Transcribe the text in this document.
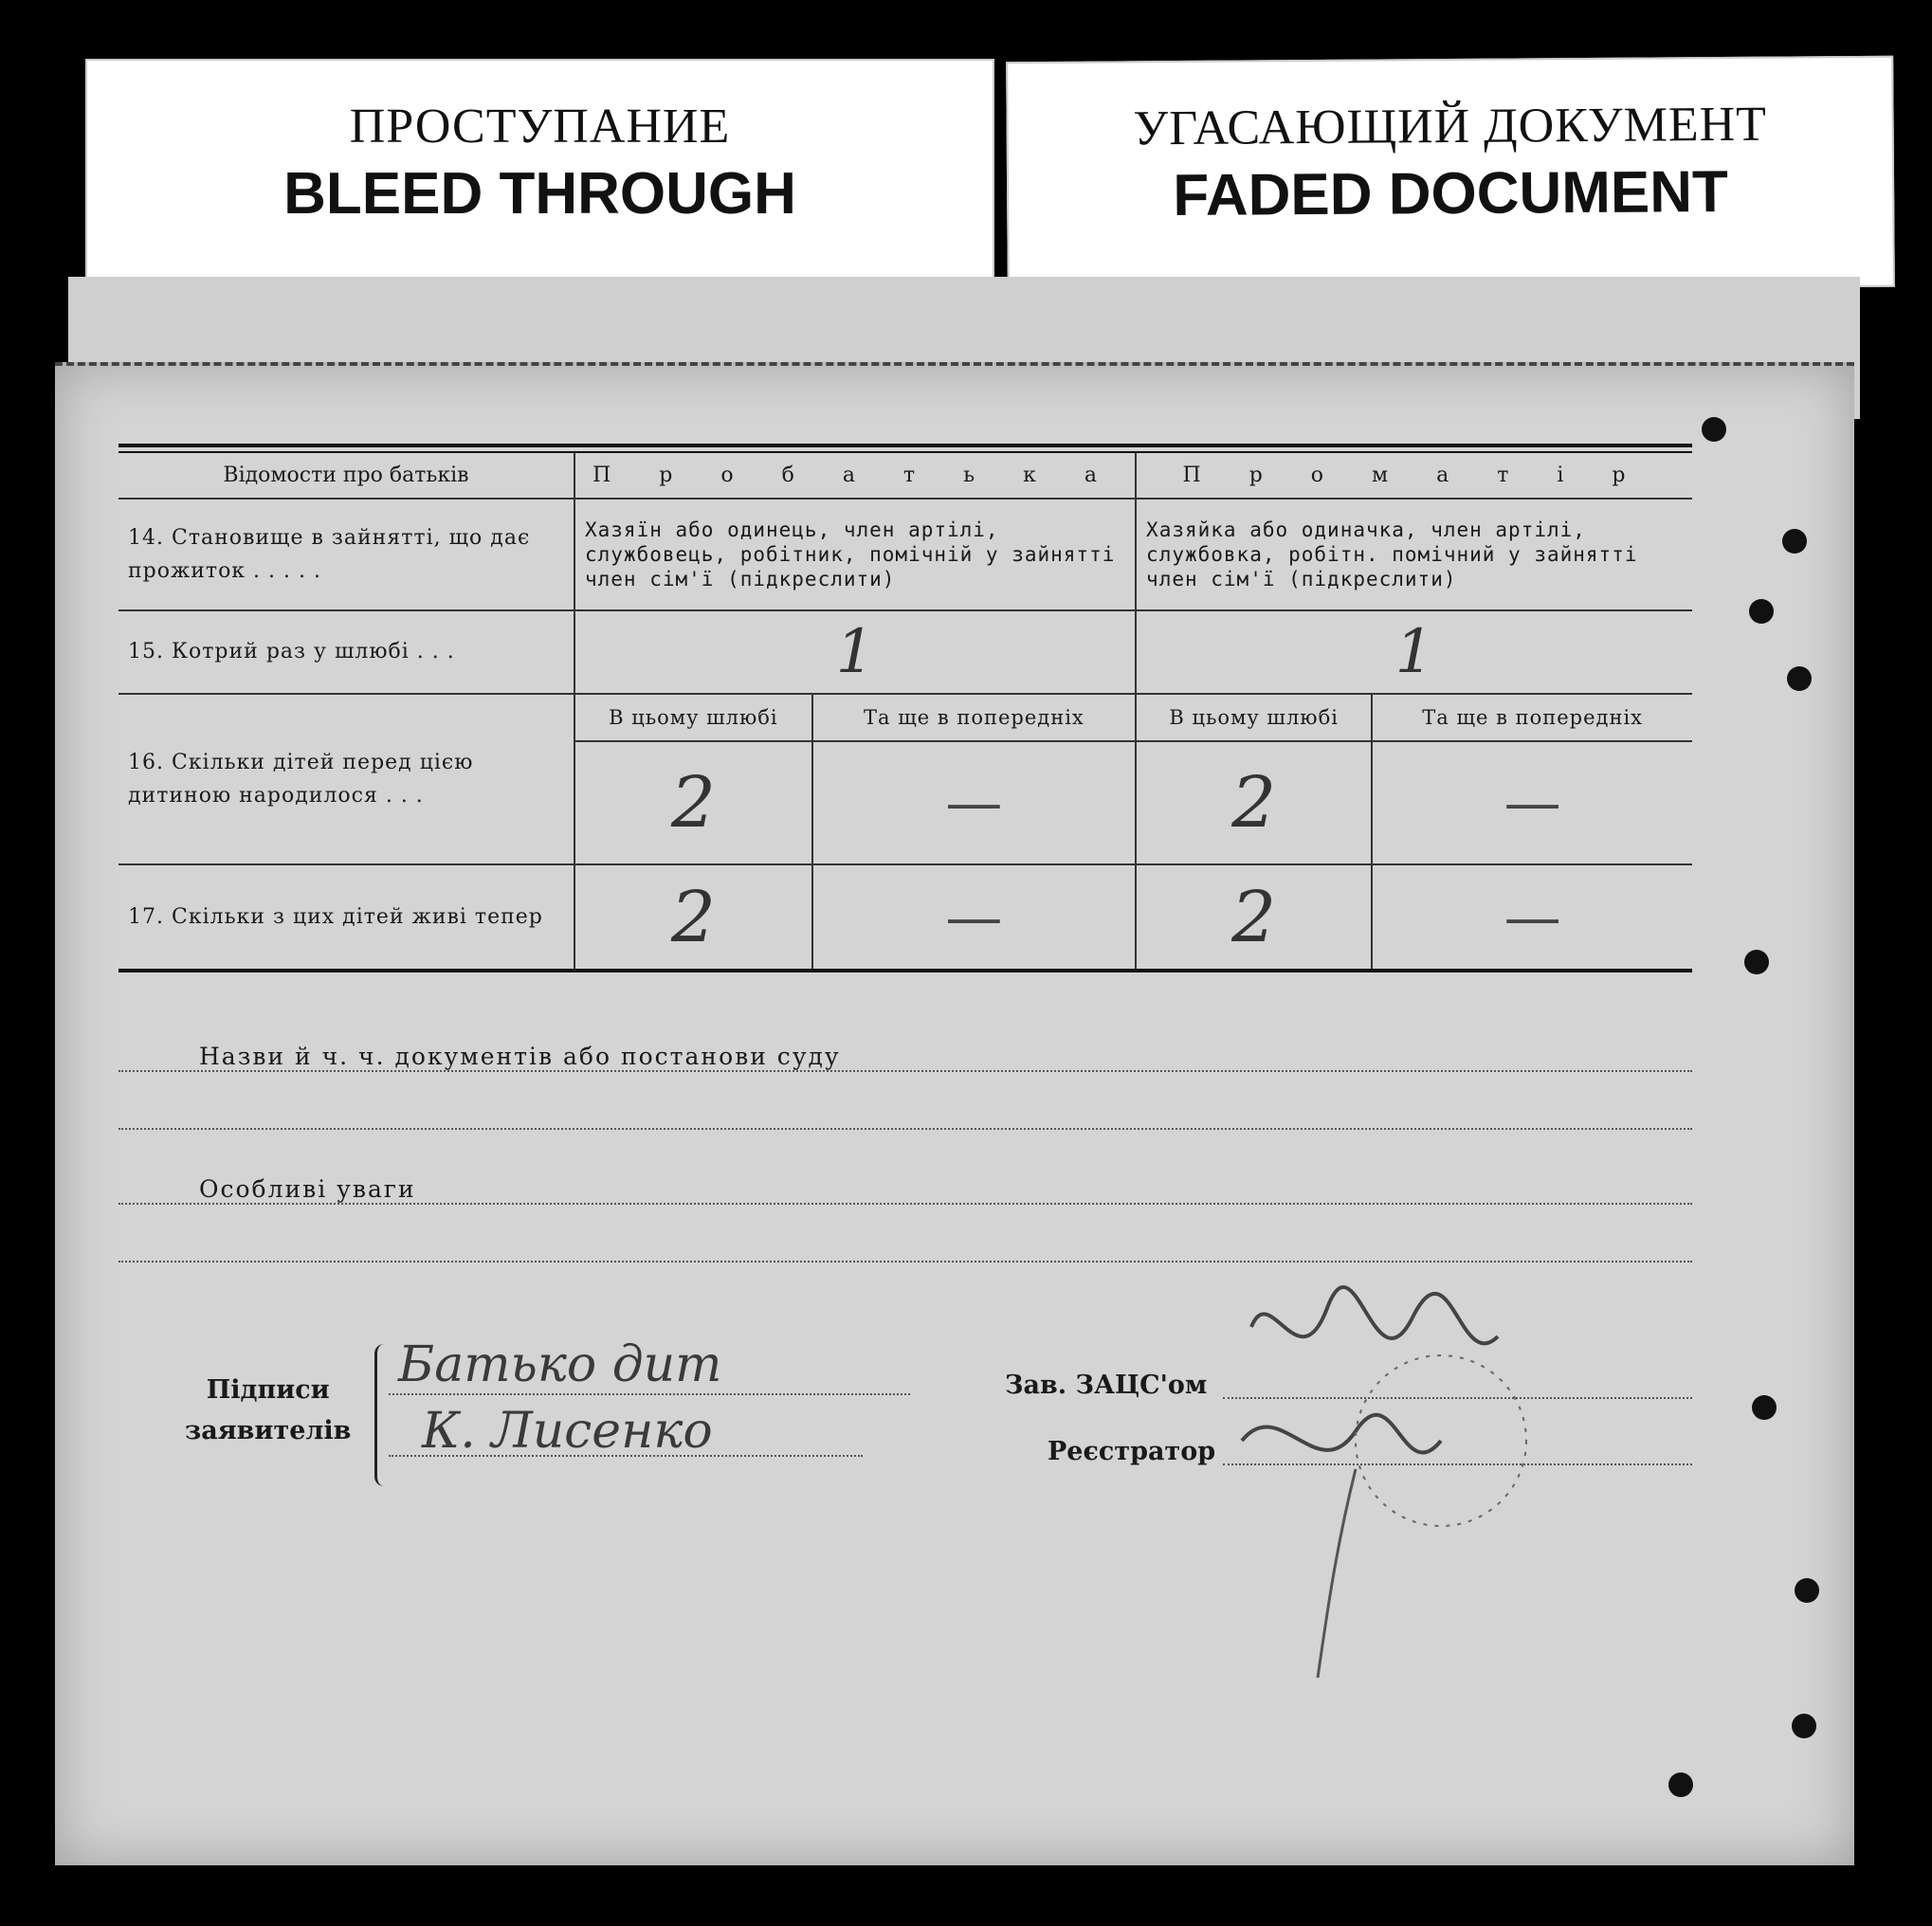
ПРОСТУПАНИЕ
BLEED THROUGH
УГАСАЮЩИЙ ДОКУМЕНТ
FADED DOCUMENT
Відомости про батьків	П р о б а т ь к а		П р о м а т і р	
14. Становище в зайнятті, що дає прожиток . . . . .	Хазяїн або одинець, член артілі, службовець, робітник, помічній у зайнятті член сім'ї (підкреслити)		Хазяйка або одиначка, член артілі, службовка, робітн. помічний у зайнятті член сім'ї (підкреслити)	
15. Котрий раз у шлюбі . . .	1		1	
16. Скільки дітей перед цією дитиною народилося . . .	В цьому шлюбі	Та ще в попередніх	В цьому шлюбі	Та ще в попередніх
	2	—	2	—
17. Скільки з цих дітей живі тепер	2	—	2	—
Назви й ч. ч. документів або постанови суду
Особливі уваги
Підписи
заявителів
Батько дит
К. Лисенко
Зав. ЗАЦС'ом
Реєстратор
